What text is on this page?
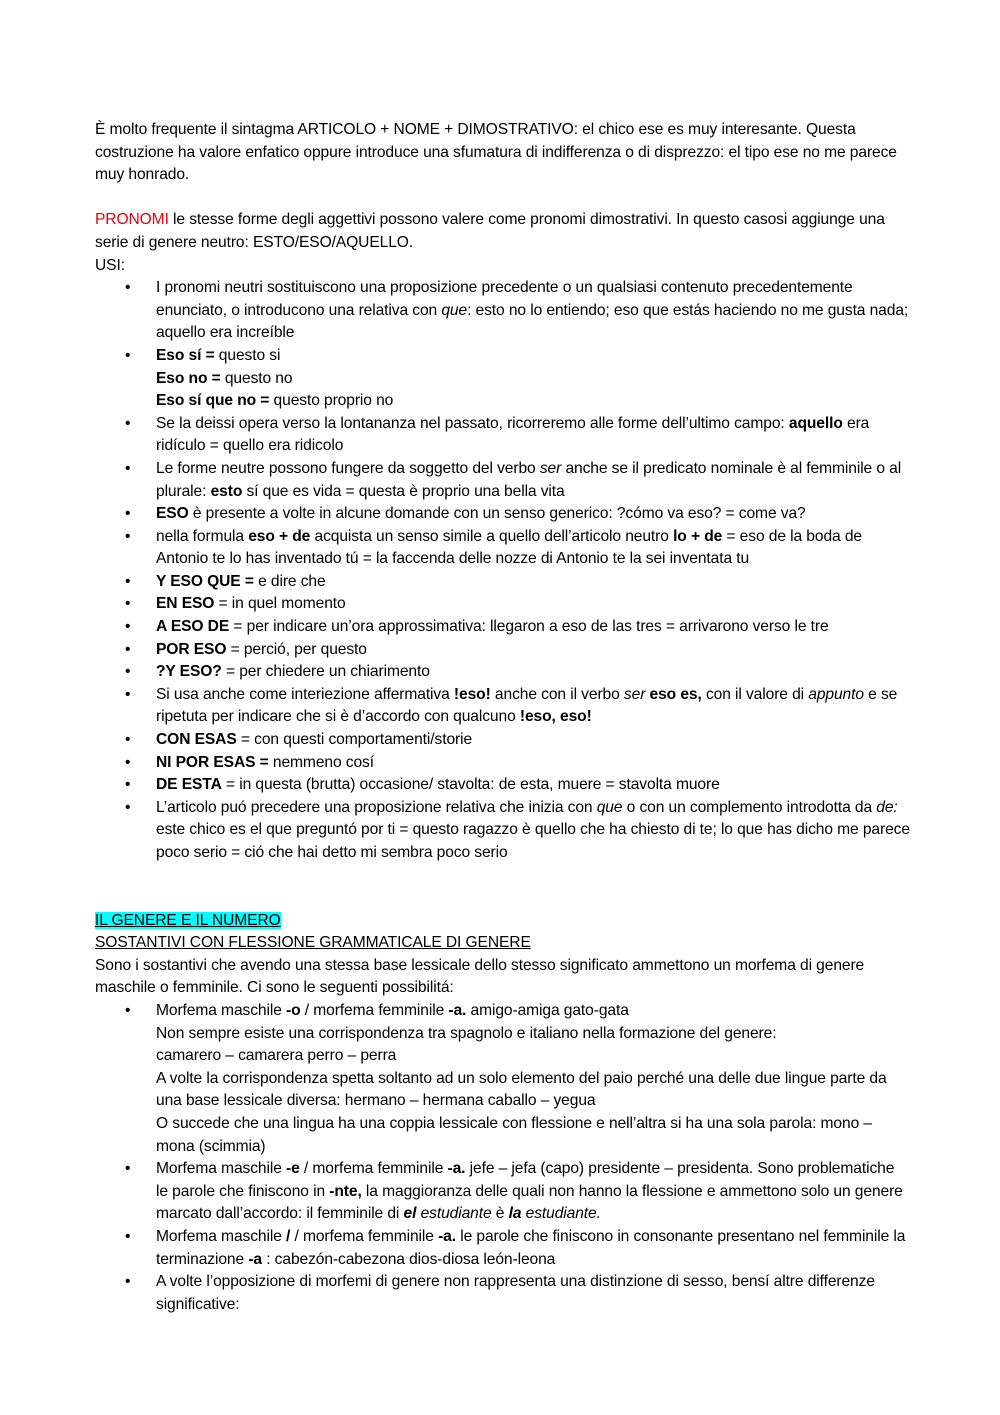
——

È molto frequente il sintagma ARTICOLO + NOME + DIMOSTRATIVO: el chico ese es muy interesante. Questa costruzione ha valore enfatico oppure introduce una sfumatura di indifferenza o di disprezzo: el tipo ese no me parece muy honrado.

PRONOMI le stesse forme degli aggettivi possono valere come pronomi dimostrativi. In questo casosi aggiunge una serie di genere neutro: ESTO/ESO/AQUELLO.

USI:

• I pronomi neutri sostituiscono una proposizione precedente o un qualsiasi contenuto precedentemente enunciato, o introducono una relativa con que: esto no lo entiendo; eso que estás haciendo no me gusta nada; aquello era increíble
• Eso sí = questo si
Eso no = questo no
Eso sí que no = questo proprio no
• Se la deissi opera verso la lontananza nel passato, ricorreremo alle forme dell’ultimo campo: aquello era ridículo = quello era ridicolo
• Le forme neutre possono fungere da soggetto del verbo ser anche se il predicato nominale è al femminile o al plurale: esto sí que es vida = questa è proprio una bella vita
• ESO è presente a volte in alcune domande con un senso generico: ?cómo va eso? = come va?
• nella formula eso + de acquista un senso simile a quello dell’articolo neutro lo + de = eso de la boda de Antonio te lo has inventado tú = la faccenda delle nozze di Antonio te la sei inventata tu
• Y ESO QUE = e dire che
• EN ESO = in quel momento
• A ESO DE = per indicare un’ora approssimativa: llegaron a eso de las tres = arrivarono verso le tre
• POR ESO = perció, per questo
• ?Y ESO? = per chiedere un chiarimento
• Si usa anche come interiezione affermativa !eso! anche con il verbo ser eso es, con il valore di appunto e se ripetuta per indicare che si è d’accordo con qualcuno !eso, eso!
• CON ESAS = con questi comportamenti/storie
• NI POR ESAS = nemmeno cosí
• DE ESTA = in questa (brutta) occasione/ stavolta: de esta, muere = stavolta muore
• L’articolo puó precedere una proposizione relativa che inizia con que o con un complemento introdotta da de: este chico es el que preguntó por ti = questo ragazzo è quello che ha chiesto di te; lo que has dicho me parece poco serio = ció che hai detto mi sembra poco serio

IL GENERE E IL NUMERO

SOSTANTIVI CON FLESSIONE GRAMMATICALE DI GENERE

Sono i sostantivi che avendo una stessa base lessicale dello stesso significato ammettono un morfema di genere maschile o femminile. Ci sono le seguenti possibilitá:

• Morfema maschile -o / morfema femminile -a. amigo-amiga gato-gata
Non sempre esiste una corrispondenza tra spagnolo e italiano nella formazione del genere:
camarero – camarera perro – perra
A volte la corrispondenza spetta soltanto ad un solo elemento del paio perché una delle due lingue parte da una base lessicale diversa: hermano – hermana caballo – yegua
O succede che una lingua ha una coppia lessicale con flessione e nell’altra si ha una sola parola: mono – mona (scimmia)
• Morfema maschile -e / morfema femminile -a. jefe – jefa (capo) presidente – presidenta. Sono problematiche le parole che finiscono in -nte, la maggioranza delle quali non hanno la flessione e ammettono solo un genere marcato dall’accordo: il femminile di el estudiante è la estudiante.
• Morfema maschile / / morfema femminile -a. le parole che finiscono in consonante presentano nel femminile la terminazione -a : cabezón-cabezona dios-diosa león-leona
• A volte l’opposizione di morfemi di genere non rappresenta una distinzione di sesso, bensí altre differenze significative:
